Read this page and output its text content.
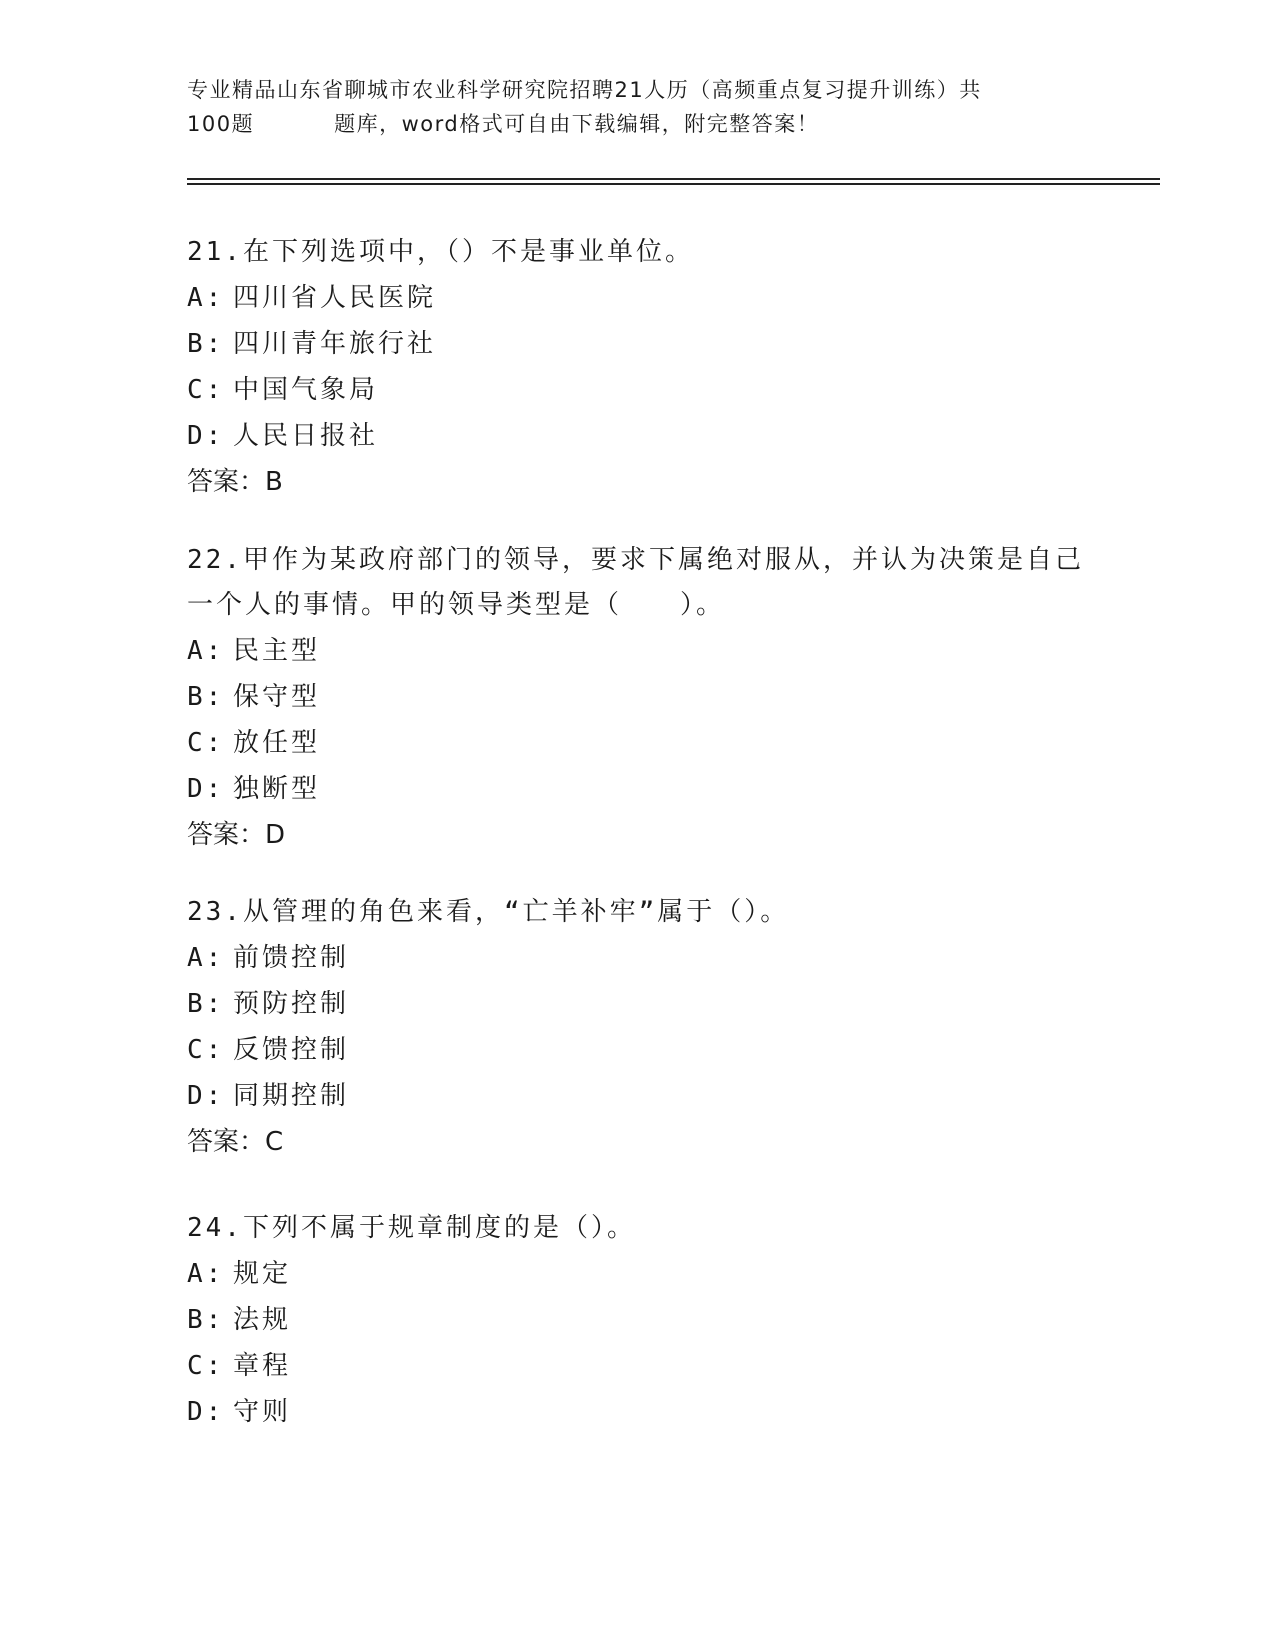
专业精品山东省聊城市农业科学研究院招聘21人历（高频重点复习提升训练）共
100题	题库，word格式可自由下载编辑，附完整答案！

21.在下列选项中，（）不是事业单位。

A: 四川省人民医院

B: 四川青年旅行社

C: 中国气象局

D: 人民日报社

答案：B

22.甲作为某政府部门的领导，要求下属绝对服从，并认为决策是自己

一个人的事情。甲的领导类型是（　　）。

A: 民主型

B: 保守型

C: 放任型

D: 独断型

答案：D

23.从管理的角色来看，“亡羊补牢”属于（）。

A: 前馈控制

B: 预防控制

C: 反馈控制

D: 同期控制

答案：C

24.下列不属于规章制度的是（）。

A: 规定

B: 法规

C: 章程

D: 守则
